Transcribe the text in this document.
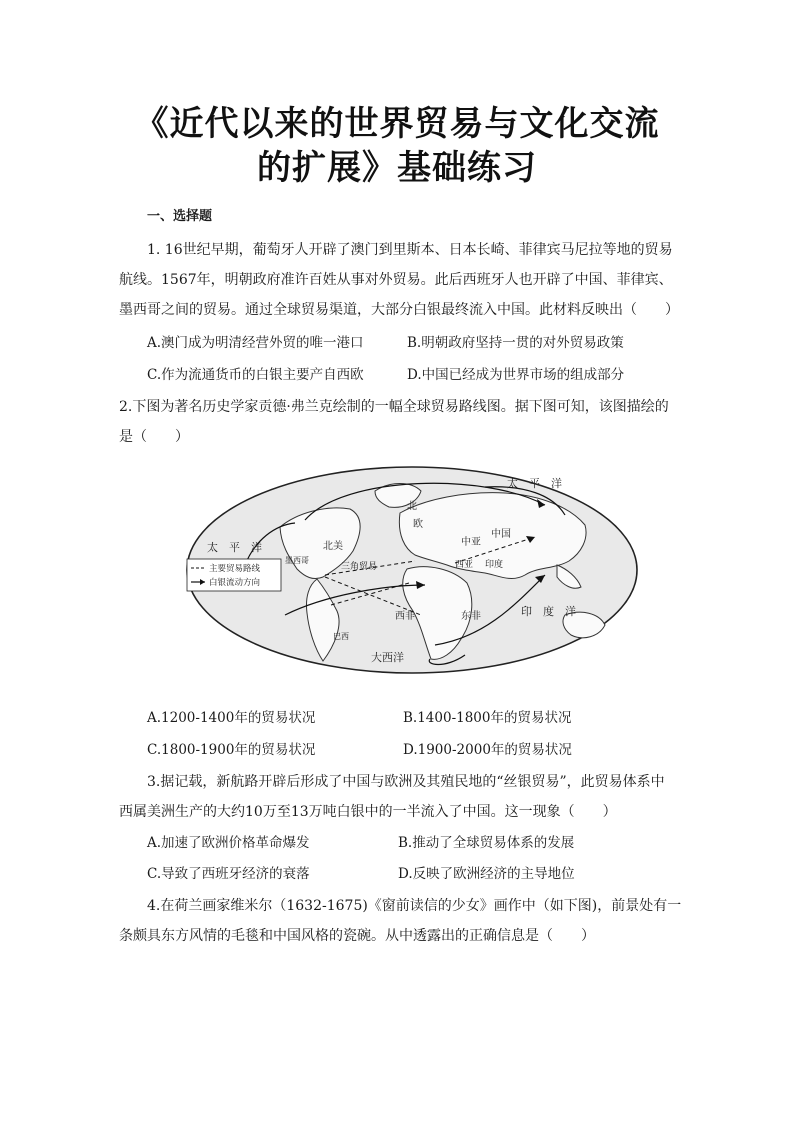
《近代以来的世界贸易与文化交流
的扩展》基础练习
一、选择题
1. 16世纪早期，葡萄牙人开辟了澳门到里斯本、日本长崎、菲律宾马尼拉等地的贸易
航线。1567年，明朝政府准许百姓从事对外贸易。此后西班牙人也开辟了中国、菲律宾、
墨西哥之间的贸易。通过全球贸易渠道，大部分白银最终流入中国。此材料反映出（　　）
A.澳门成为明清经营外贸的唯一港口	B.明朝政府坚持一贯的对外贸易政策
C.作为流通货币的白银主要产自西欧	D.中国已经成为世界市场的组成部分
2.下图为著名历史学家贡德·弗兰克绘制的一幅全球贸易路线图。据下图可知，该图描绘的
是（　　）
太　平　洋
太　平　洋
北美
墨西哥
北
欧
三角贸易
中亚
中国
西亚 印度
西非	东非
巴西
大西洋
印　度　洋
主要贸易路线
白银流动方向
A.1200-1400年的贸易状况	B.1400-1800年的贸易状况
C.1800-1900年的贸易状况	D.1900-2000年的贸易状况
3.据记载，新航路开辟后形成了中国与欧洲及其殖民地的“丝银贸易”，此贸易体系中
西属美洲生产的大约10万至13万吨白银中的一半流入了中国。这一现象（　　）
A.加速了欧洲价格革命爆发	B.推动了全球贸易体系的发展
C.导致了西班牙经济的衰落	D.反映了欧洲经济的主导地位
4.在荷兰画家维米尔（1632-1675)《窗前读信的少女》画作中（如下图)，前景处有一
条颇具东方风情的毛毯和中国风格的瓷碗。从中透露出的正确信息是（　　）
